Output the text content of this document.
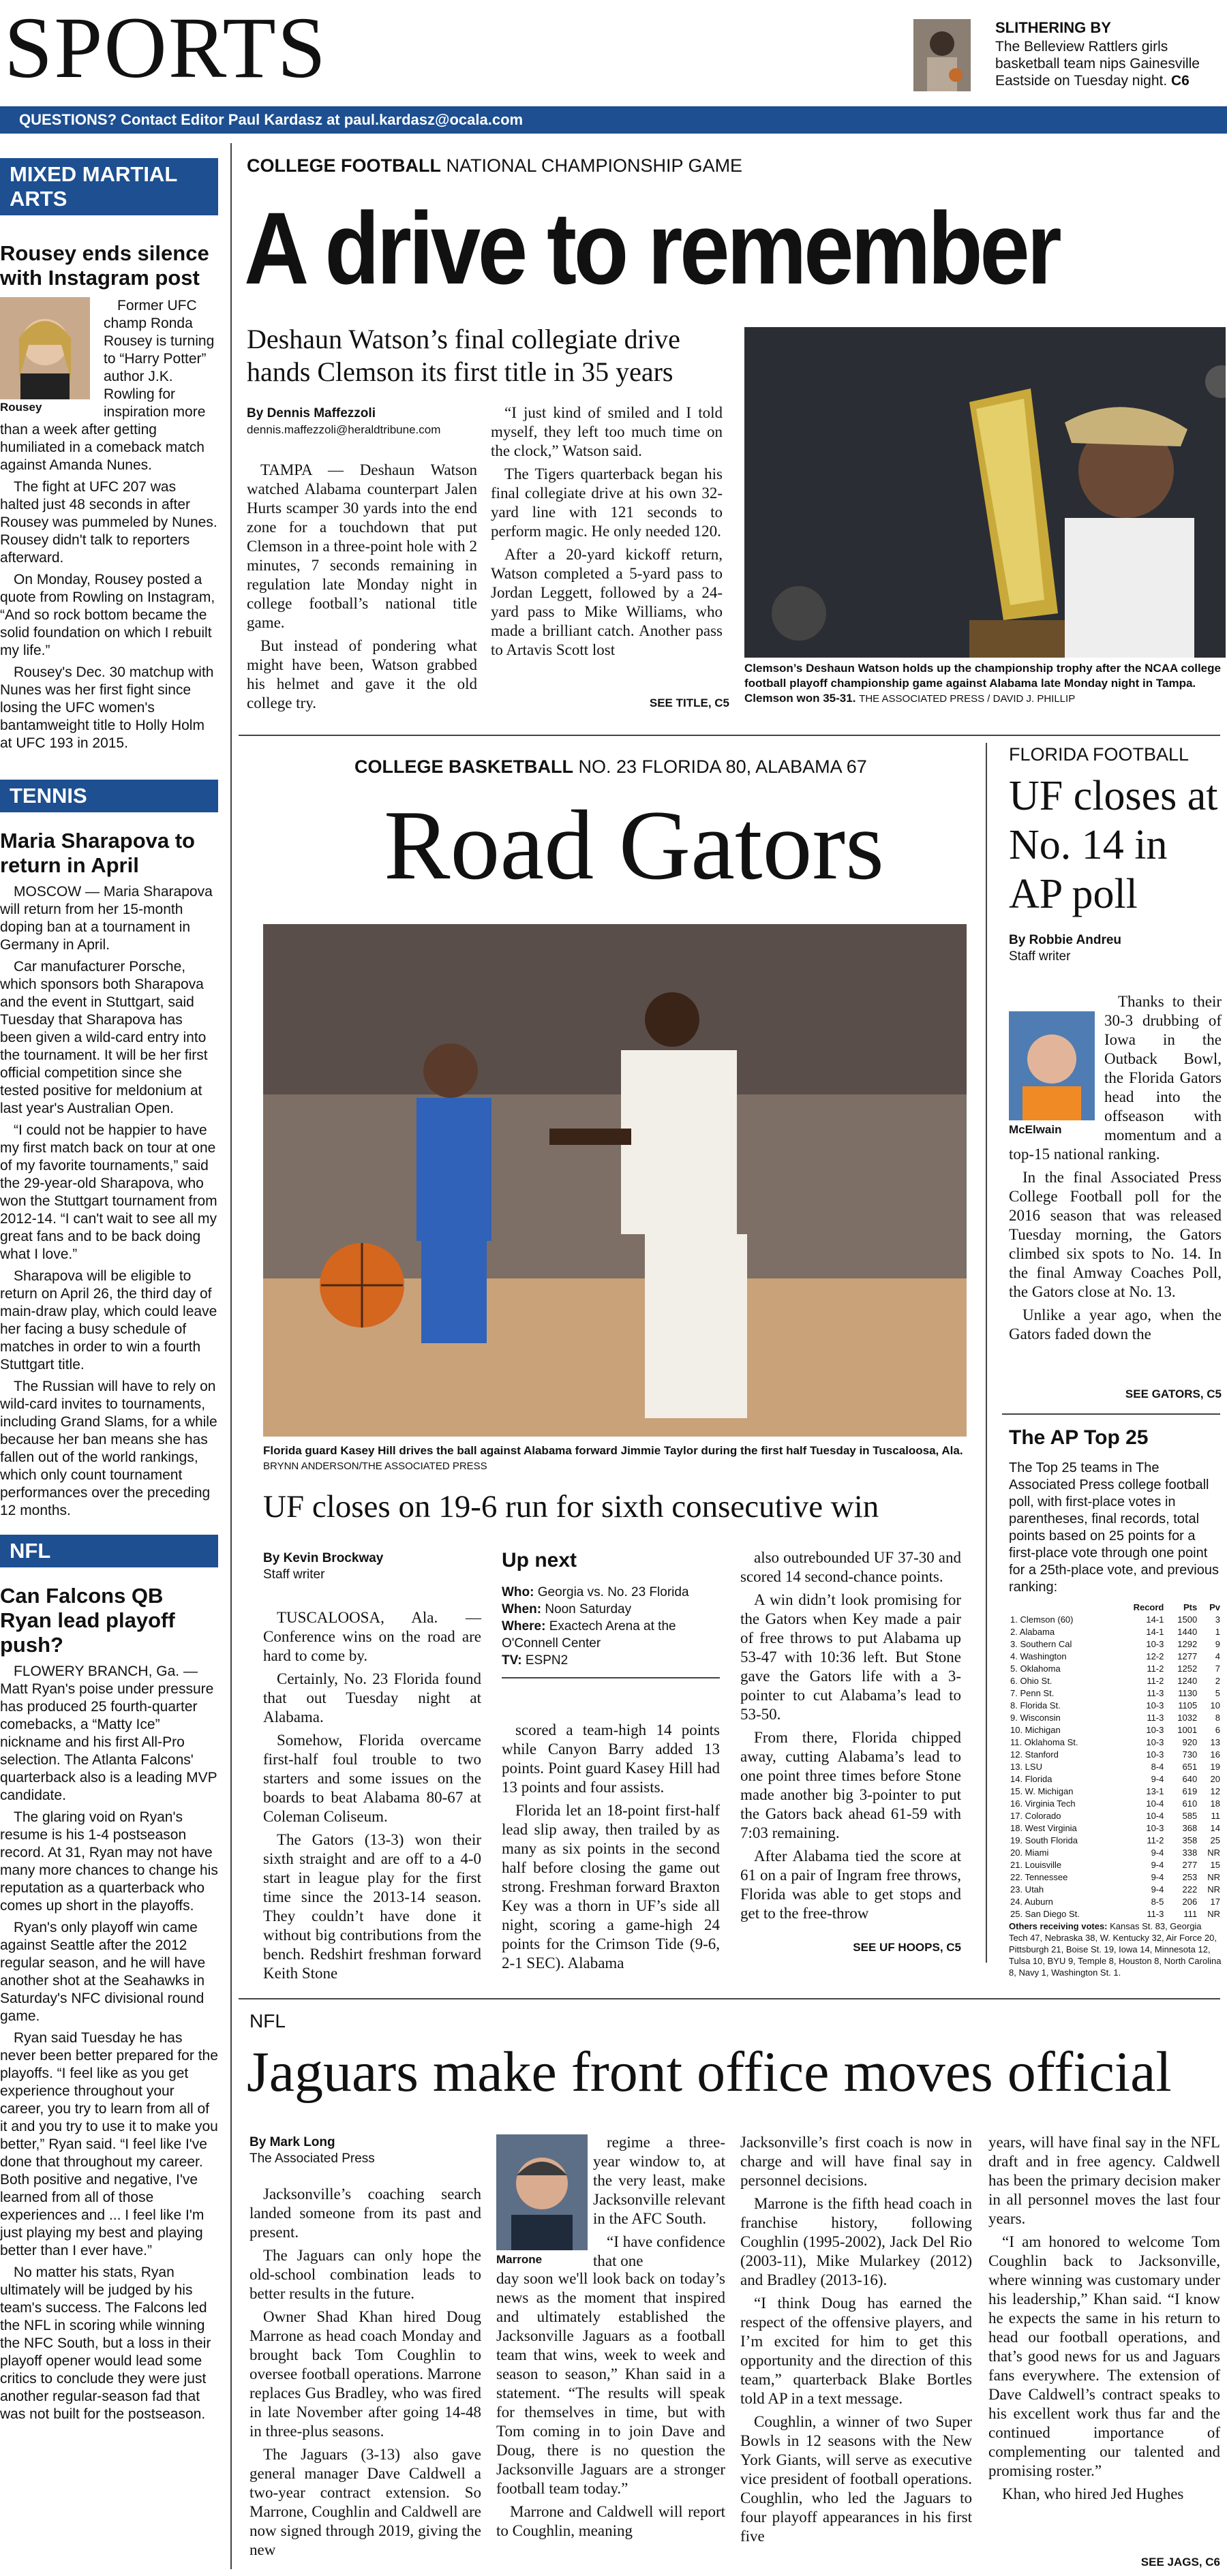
SPORTS	SLITHERING BY
The Belleview Rattlers girls basketball team nips Gainesville Eastside on Tuesday night. C6
QUESTIONS? Contact Editor Paul Kardasz at paul.kardasz@ocala.com
MIXED MARTIAL ARTS
Rousey ends silence with Instagram post
Rousey

Former UFC champ Ronda Rousey is turning to “Harry Potter” author J.K. Rowling for inspiration more than a week after getting humiliated in a comeback match against Amanda Nunes.

The fight at UFC 207 was halted just 48 seconds in after Rousey was pummeled by Nunes. Rousey didn't talk to reporters afterward.

On Monday, Rousey posted a quote from Rowling on Instagram, “And so rock bottom became the solid foundation on which I rebuilt my life.”

Rousey's Dec. 30 matchup with Nunes was her first fight since losing the UFC women's bantamweight title to Holly Holm at UFC 193 in 2015.

TENNIS
Maria Sharapova to return in April

MOSCOW — Maria Sharapova will return from her 15-month doping ban at a tournament in Germany in April.

Car manufacturer Porsche, which sponsors both Sharapova and the event in Stuttgart, said Tuesday that Sharapova has been given a wild-card entry into the tournament. It will be her first official competition since she tested positive for meldonium at last year's Australian Open.

“I could not be happier to have my first match back on tour at one of my favorite tournaments,” said the 29-year-old Sharapova, who won the Stuttgart tournament from 2012-14. “I can't wait to see all my great fans and to be back doing what I love.”

Sharapova will be eligible to return on April 26, the third day of main-draw play, which could leave her facing a busy schedule of matches in order to win a fourth Stuttgart title.

The Russian will have to rely on wild-card invites to tournaments, including Grand Slams, for a while because her ban means she has fallen out of the world rankings, which only count tournament performances over the preceding 12 months.

NFL
Can Falcons QB Ryan lead playoff push?

FLOWERY BRANCH, Ga. — Matt Ryan's poise under pressure has produced 25 fourth-quarter comebacks, a “Matty Ice” nickname and his first All-Pro selection. The Atlanta Falcons' quarterback also is a leading MVP candidate.

The glaring void on Ryan's resume is his 1-4 postseason record. At 31, Ryan may not have many more chances to change his reputation as a quarterback who comes up short in the playoffs.

Ryan's only playoff win came against Seattle after the 2012 regular season, and he will have another shot at the Seahawks in Saturday's NFC divisional round game.

Ryan said Tuesday he has never been better prepared for the playoffs. “I feel like as you get experience throughout your career, you try to learn from all of it and you try to use it to make you better,” Ryan said. “I feel like I've done that throughout my career. Both positive and negative, I've learned from all of those experiences and ... I feel like I'm just playing my best and playing better than I ever have.”

No matter his stats, Ryan ultimately will be judged by his team's success. The Falcons led the NFL in scoring while winning the NFC South, but a loss in their playoff opener would lead some critics to conclude they were just another regular-season fad that was not built for the postseason.

COLLEGE FOOTBALL NATIONAL CHAMPIONSHIP GAME
A drive to remember
Deshaun Watson’s final collegiate drive hands Clemson its first title in 35 years
By Dennis Maffezzoli
dennis.maffezzoli@heraldtribune.com

TAMPA — Deshaun Watson watched Alabama counterpart Jalen Hurts scamper 30 yards into the end zone for a touchdown that put Clemson in a three-point hole with 2 minutes, 7 seconds remaining in regulation late Monday night in college football’s national title game.

But instead of pondering what might have been, Watson grabbed his helmet and gave it the old college try.

“I just kind of smiled and I told myself, they left too much time on the clock,” Watson said.

The Tigers quarterback began his final collegiate drive at his own 32-yard line with 121 seconds to perform magic. He only needed 120.

After a 20-yard kickoff return, Watson completed a 5-yard pass to Jordan Leggett, followed by a 24-yard pass to Mike Williams, who made a brilliant catch. Another pass to Artavis Scott lost

SEE TITLE, C5
Clemson’s Deshaun Watson holds up the championship trophy after the NCAA college football playoff championship game against Alabama late Monday night in Tampa. Clemson won 35-31. THE ASSOCIATED PRESS / DAVID J. PHILLIP
COLLEGE BASKETBALL NO. 23 FLORIDA 80, ALABAMA 67
Road Gators
Florida guard Kasey Hill drives the ball against Alabama forward Jimmie Taylor during the first half Tuesday in Tuscaloosa, Ala. BRYNN ANDERSON/THE ASSOCIATED PRESS
UF closes on 19-6 run for sixth consecutive win
By Kevin Brockway
Staff writer

TUSCALOOSA, Ala. — Conference wins on the road are hard to come by.

Certainly, No. 23 Florida found that out Tuesday night at Alabama.

Somehow, Florida overcame first-half foul trouble to two starters and some issues on the boards to beat Alabama 80-67 at Coleman Coliseum.

The Gators (13-3) won their sixth straight and are off to a 4-0 start in league play for the first time since the 2013-14 season. They couldn’t have done it without big contributions from the bench. Redshirt freshman forward Keith Stone

Up next
Who: Georgia vs. No. 23 Florida
When: Noon Saturday
Where: Exactech Arena at the O'Connell Center
TV: ESPN2

scored a team-high 14 points while Canyon Barry added 13 points. Point guard Kasey Hill had 13 points and four assists.

Florida let an 18-point first-half lead slip away, then trailed by as many as six points in the second half before closing the game out strong. Freshman forward Braxton Key was a thorn in UF’s side all night, scoring a game-high 24 points for the Crimson Tide (9-6, 2-1 SEC). Alabama

also outrebounded UF 37-30 and scored 14 second-chance points.

A win didn’t look promising for the Gators when Key made a pair of free throws to put Alabama up 53-47 with 10:36 left. But Stone gave the Gators life with a 3-pointer to cut Alabama’s lead to 53-50.

From there, Florida chipped away, cutting Alabama’s lead to one point three times before Stone made another big 3-pointer to put the Gators back ahead 61-59 with 7:03 remaining.

After Alabama tied the score at 61 on a pair of Ingram free throws, Florida was able to get stops and get to the free-throw

SEE UF HOOPS, C5
FLORIDA FOOTBALL
UF closes at No. 14 in AP poll
By Robbie Andreu
Staff writer
McElwain

Thanks to their 30-3 drubbing of Iowa in the Outback Bowl, the Florida Gators head into the offseason with momentum and a top-15 national ranking.

In the final Associated Press College Football poll for the 2016 season that was released Tuesday morning, the Gators climbed six spots to No. 14. In the final Amway Coaches Poll, the Gators close at No. 13.

Unlike a year ago, when the Gators faded down the

SEE GATORS, C5
The AP Top 25
The Top 25 teams in The Associated Press college football poll, with first-place votes in parentheses, final records, total points based on 25 points for a first-place vote through one point for a 25th-place vote, and previous ranking:
	Record	Pts	Pv
1. Clemson (60)	14-1	1500	3
2. Alabama	14-1	1440	1
3. Southern Cal	10-3	1292	9
4. Washington	12-2	1277	4
5. Oklahoma	11-2	1252	7
6. Ohio St.	11-2	1240	2
7. Penn St.	11-3	1130	5
8. Florida St.	10-3	1105	10
9. Wisconsin	11-3	1032	8
10. Michigan	10-3	1001	6
11. Oklahoma St.	10-3	920	13
12. Stanford	10-3	730	16
13. LSU	8-4	651	19
14. Florida	9-4	640	20
15. W. Michigan	13-1	619	12
16. Virginia Tech	10-4	610	18
17. Colorado	10-4	585	11
18. West Virginia	10-3	368	14
19. South Florida	11-2	358	25
20. Miami	9-4	338	NR
21. Louisville	9-4	277	15
22. Tennessee	9-4	253	NR
23. Utah	9-4	222	NR
24. Auburn	8-5	206	17
25. San Diego St.	11-3	111	NR
Others receiving votes: Kansas St. 83, Georgia Tech 47, Nebraska 38, W. Kentucky 32, Air Force 20, Pittsburgh 21, Boise St. 19, Iowa 14, Minnesota 12, Tulsa 10, BYU 9, Temple 8, Houston 8, North Carolina 8, Navy 1, Washington St. 1.
NFL
Jaguars make front office moves official
By Mark Long
The Associated Press

Jacksonville’s coaching search landed someone from its past and present.

The Jaguars can only hope the old-school combination leads to better results in the future.

Owner Shad Khan hired Doug Marrone as head coach Monday and brought back Tom Coughlin to oversee football operations. Marrone replaces Gus Bradley, who was fired in late November after going 14-48 in three-plus seasons.

The Jaguars (3-13) also gave general manager Dave Caldwell a two-year contract extension. So Marrone, Coughlin and Caldwell are now signed through 2019, giving the new

Marrone

regime a three-year window to, at the very least, make Jacksonville relevant in the AFC South.

“I have confidence that one

day soon we'll look back on today’s news as the moment that inspired and ultimately established the Jacksonville Jaguars as a football team that wins, week to week and season to season,” Khan said in a statement. “The results will speak for themselves in time, but with Tom coming in to join Dave and Doug, there is no question the Jacksonville Jaguars are a stronger football team today.”

Marrone and Caldwell will report to Coughlin, meaning

Jacksonville’s first coach is now in charge and will have final say in personnel decisions.

Marrone is the fifth head coach in franchise history, following Coughlin (1995-2002), Jack Del Rio (2003-11), Mike Mularkey (2012) and Bradley (2013-16).

“I think Doug has earned the respect of the offensive players, and I’m excited for him to get this opportunity and the direction of this team,” quarterback Blake Bortles told AP in a text message.

Coughlin, a winner of two Super Bowls in 12 seasons with the New York Giants, will serve as executive vice president of football operations. Coughlin, who led the Jaguars to four playoff appearances in his first five

years, will have final say in the NFL draft and in free agency. Caldwell has been the primary decision maker in all personnel moves the last four years.

“I am honored to welcome Tom Coughlin back to Jacksonville, where winning was customary under his leadership,” Khan said. “I know he expects the same in his return to head our football operations, and that’s good news for us and Jaguars fans everywhere. The extension of Dave Caldwell’s contract speaks to his excellent work thus far and the continued importance of complementing our talented and promising roster.”

Khan, who hired Jed Hughes

SEE JAGS, C6
